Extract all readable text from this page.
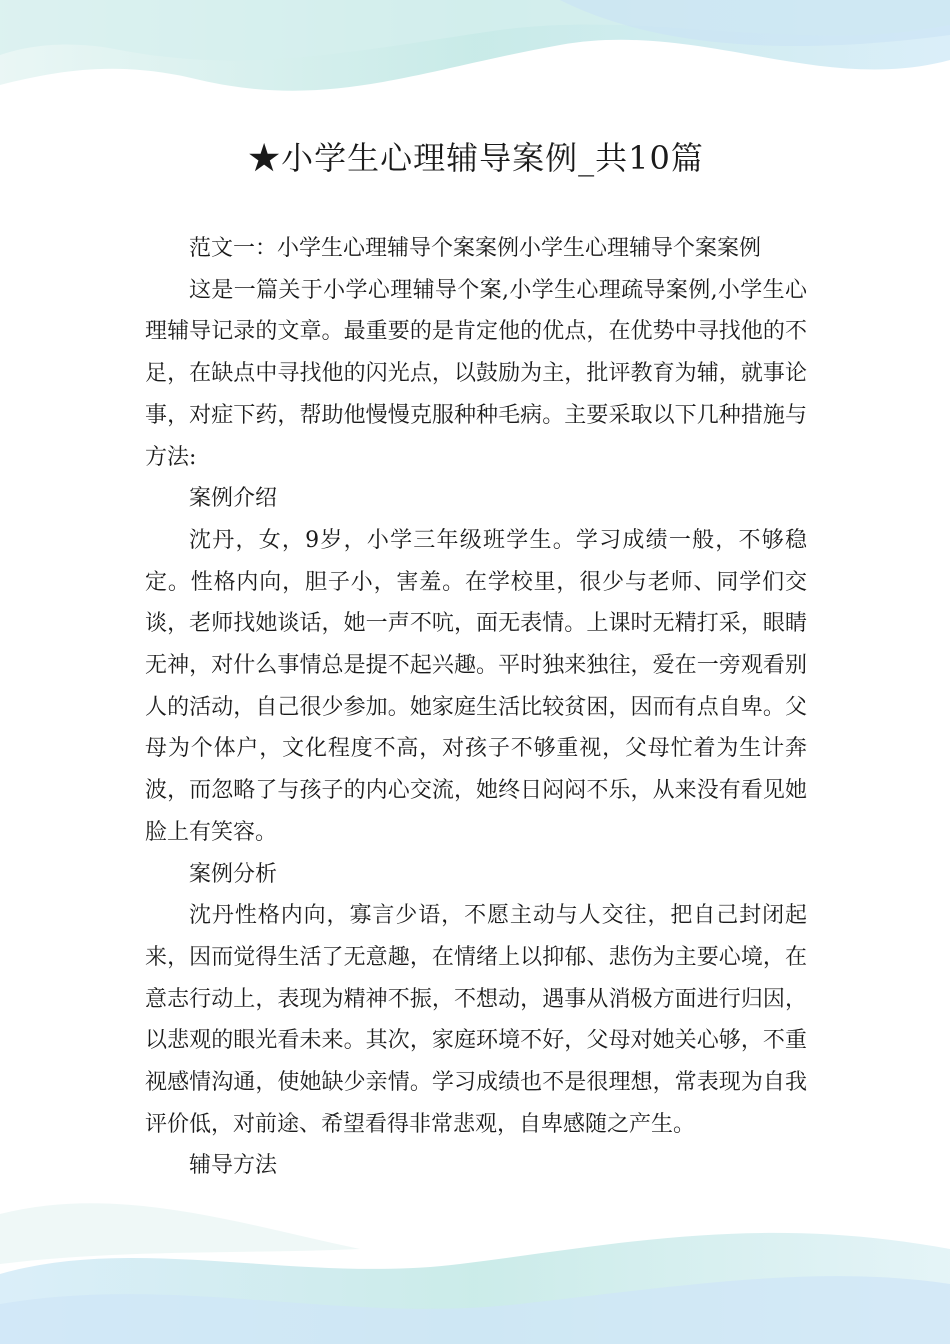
★小学生心理辅导案例_共10篇

范文一：小学生心理辅导个案案例小学生心理辅导个案案例

这是一篇关于小学心理辅导个案,小学生心理疏导案例,小学生心理辅导记录的文章。最重要的是肯定他的优点，在优势中寻找他的不足，在缺点中寻找他的闪光点，以鼓励为主，批评教育为辅，就事论事，对症下药，帮助他慢慢克服种种毛病。主要采取以下几种措施与方法:

案例介绍

沈丹，女，9岁，小学三年级班学生。学习成绩一般，不够稳定。性格内向，胆子小，害羞。在学校里，很少与老师、同学们交谈，老师找她谈话，她一声不吭，面无表情。上课时无精打采，眼睛无神，对什么事情总是提不起兴趣。平时独来独往，爱在一旁观看别人的活动，自己很少参加。她家庭生活比较贫困，因而有点自卑。父母为个体户，文化程度不高，对孩子不够重视，父母忙着为生计奔波，而忽略了与孩子的内心交流，她终日闷闷不乐，从来没有看见她脸上有笑容。

案例分析

沈丹性格内向，寡言少语，不愿主动与人交往，把自己封闭起来，因而觉得生活了无意趣，在情绪上以抑郁、悲伤为主要心境，在意志行动上，表现为精神不振，不想动，遇事从消极方面进行归因，以悲观的眼光看未来。其次，家庭环境不好，父母对她关心够，不重视感情沟通，使她缺少亲情。学习成绩也不是很理想，常表现为自我评价低，对前途、希望看得非常悲观，自卑感随之产生。

辅导方法
